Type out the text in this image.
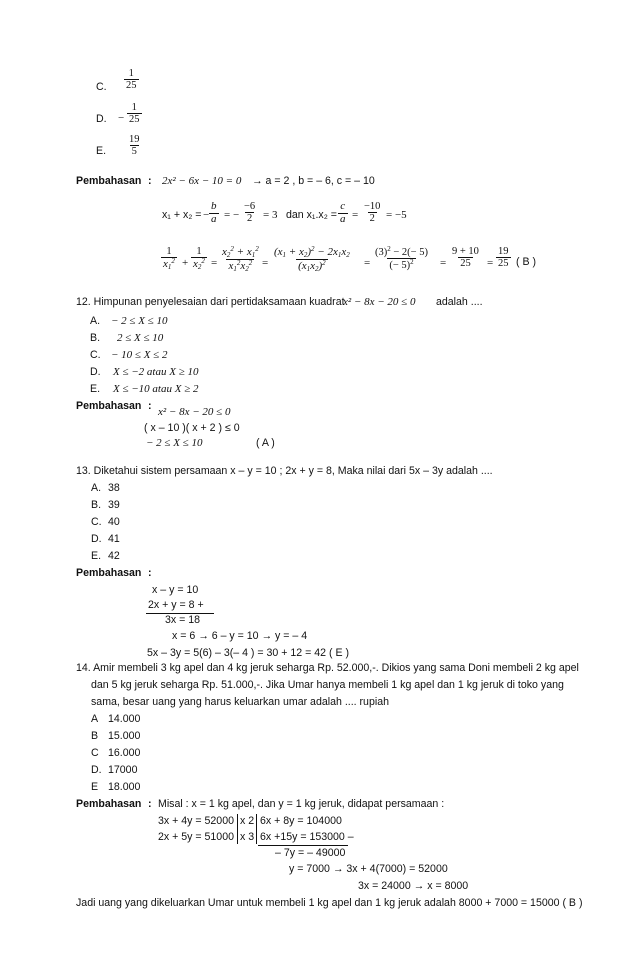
C. $\frac{1}{25}$
D. − $\frac{1}{25}$
E. $\frac{19}{5}$
Pembahasan : 2x² − 6x − 10 = 0 → a = 2 , b = – 6, c = – 10
x₁ + x₂ = − $\frac{b}{a}$ = − $\frac{-6}{2} = 3$ dan $x_1.x_2 = \frac{c}{a} = \frac{-10}{2} = -5$
$\frac{1}{x_1^2} + \frac{1}{x_2^2} = \frac{x_2^2 + x_1^2}{x_1^2x_2^2} = \frac{(x_1 + x_2)^2 - 2x_1x_2}{(x_1x_2)^2} = \frac{(3)^2 - 2(- 5)}{(- 5)^2} = \frac{9 + 10}{25} = \frac{19}{25}$ ( B )
12. Himpunan penyelesaian dari pertidaksamaan kuadrat
x² − 8x − 20 ≤ 0 adalah ....
A. − 2 ≤ X ≤ 10
B. 2 ≤ X ≤ 10
C. − 10 ≤ X ≤ 2
D. X ≤ −2 atau X ≥ 10
E. X ≤ −10 atau X ≥ 2
Pembahasan : x² − 8x − 20 ≤ 0
( x – 10 )( x + 2 ) ≤ 0
− 2 ≤ X ≤ 10	( A )
13. Diketahui sistem persamaan x – y = 10 ; 2x + y = 8, Maka nilai dari 5x – 3y adalah ....
A. 38
B. 39
C. 40
D. 41
E. 42
Pembahasan :
x – y = 10
2x + y = 8 +
3x = 18
x = 6 → 6 – y = 10 → y = – 4
5x – 3y = 5(6) – 3(– 4 ) = 30 + 12 = 42 ( E )
14. Amir membeli 3 kg apel dan 4 kg jeruk seharga Rp. 52.000,-. Dikios yang sama Doni membeli 2 kg apel
dan 5 kg jeruk seharga Rp. 51.000,-. Jika Umar hanya membeli 1 kg apel dan 1 kg jeruk di toko yang
sama, besar uang yang harus keluarkan umar adalah .... rupiah
A 14.000
B 15.000
C 16.000
D. 17000
E 18.000
Pembahasan : Misal : x = 1 kg apel, dan y = 1 kg jeruk, didapat persamaan :
3x + 4y = 52000 x 2 6x + 8y = 104000
2x + 5y = 51000 x 3 6x +15y = 153000 –
– 7y = – 49000
y = 7000 → 3x + 4(7000) = 52000
3x = 24000 → x = 8000
Jadi uang yang dikeluarkan Umar untuk membeli 1 kg apel dan 1 kg jeruk adalah 8000 + 7000 = 15000 ( B )
